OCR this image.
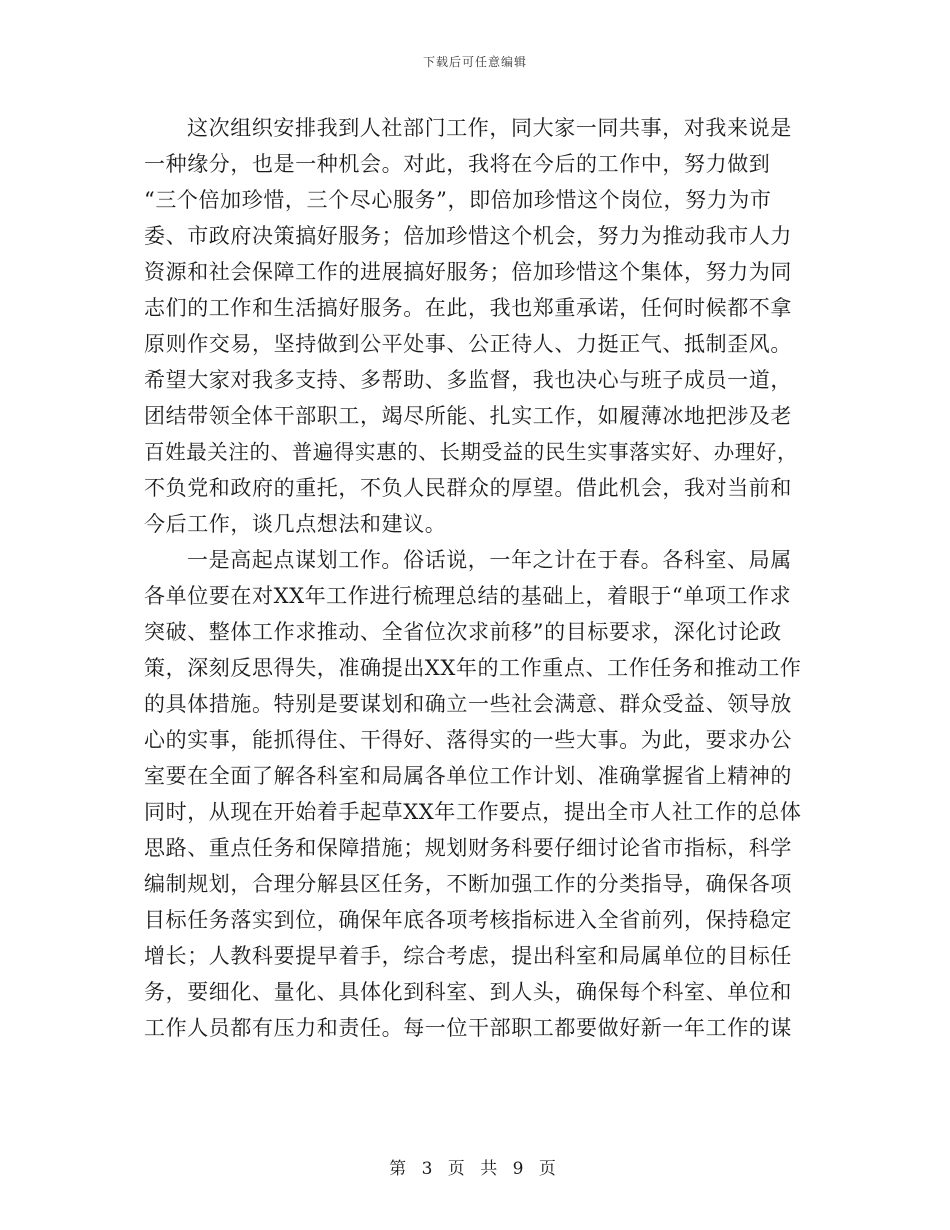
下载后可任意编辑
这次组织安排我到人社部门工作，同大家一同共事，对我来说是
一种缘分，也是一种机会。对此，我将在今后的工作中，努力做到
“三个倍加珍惜，三个尽心服务”，即倍加珍惜这个岗位，努力为市
委、市政府决策搞好服务；倍加珍惜这个机会，努力为推动我市人力
资源和社会保障工作的进展搞好服务；倍加珍惜这个集体，努力为同
志们的工作和生活搞好服务。在此，我也郑重承诺，任何时候都不拿
原则作交易，坚持做到公平处事、公正待人、力挺正气、抵制歪风。
希望大家对我多支持、多帮助、多监督，我也决心与班子成员一道，
团结带领全体干部职工，竭尽所能、扎实工作，如履薄冰地把涉及老
百姓最关注的、普遍得实惠的、长期受益的民生实事落实好、办理好，
不负党和政府的重托，不负人民群众的厚望。借此机会，我对当前和
今后工作，谈几点想法和建议。
一是高起点谋划工作。俗话说，一年之计在于春。各科室、局属
各单位要在对XX年工作进行梳理总结的基础上，着眼于“单项工作求
突破、整体工作求推动、全省位次求前移”的目标要求，深化讨论政
策，深刻反思得失，准确提出XX年的工作重点、工作任务和推动工作
的具体措施。特别是要谋划和确立一些社会满意、群众受益、领导放
心的实事，能抓得住、干得好、落得实的一些大事。为此，要求办公
室要在全面了解各科室和局属各单位工作计划、准确掌握省上精神的
同时，从现在开始着手起草XX年工作要点，提出全市人社工作的总体
思路、重点任务和保障措施；规划财务科要仔细讨论省市指标，科学
编制规划，合理分解县区任务，不断加强工作的分类指导，确保各项
目标任务落实到位，确保年底各项考核指标进入全省前列，保持稳定
增长；人教科要提早着手，综合考虑，提出科室和局属单位的目标任
务，要细化、量化、具体化到科室、到人头，确保每个科室、单位和
工作人员都有压力和责任。每一位干部职工都要做好新一年工作的谋
第 3 页 共 9 页
